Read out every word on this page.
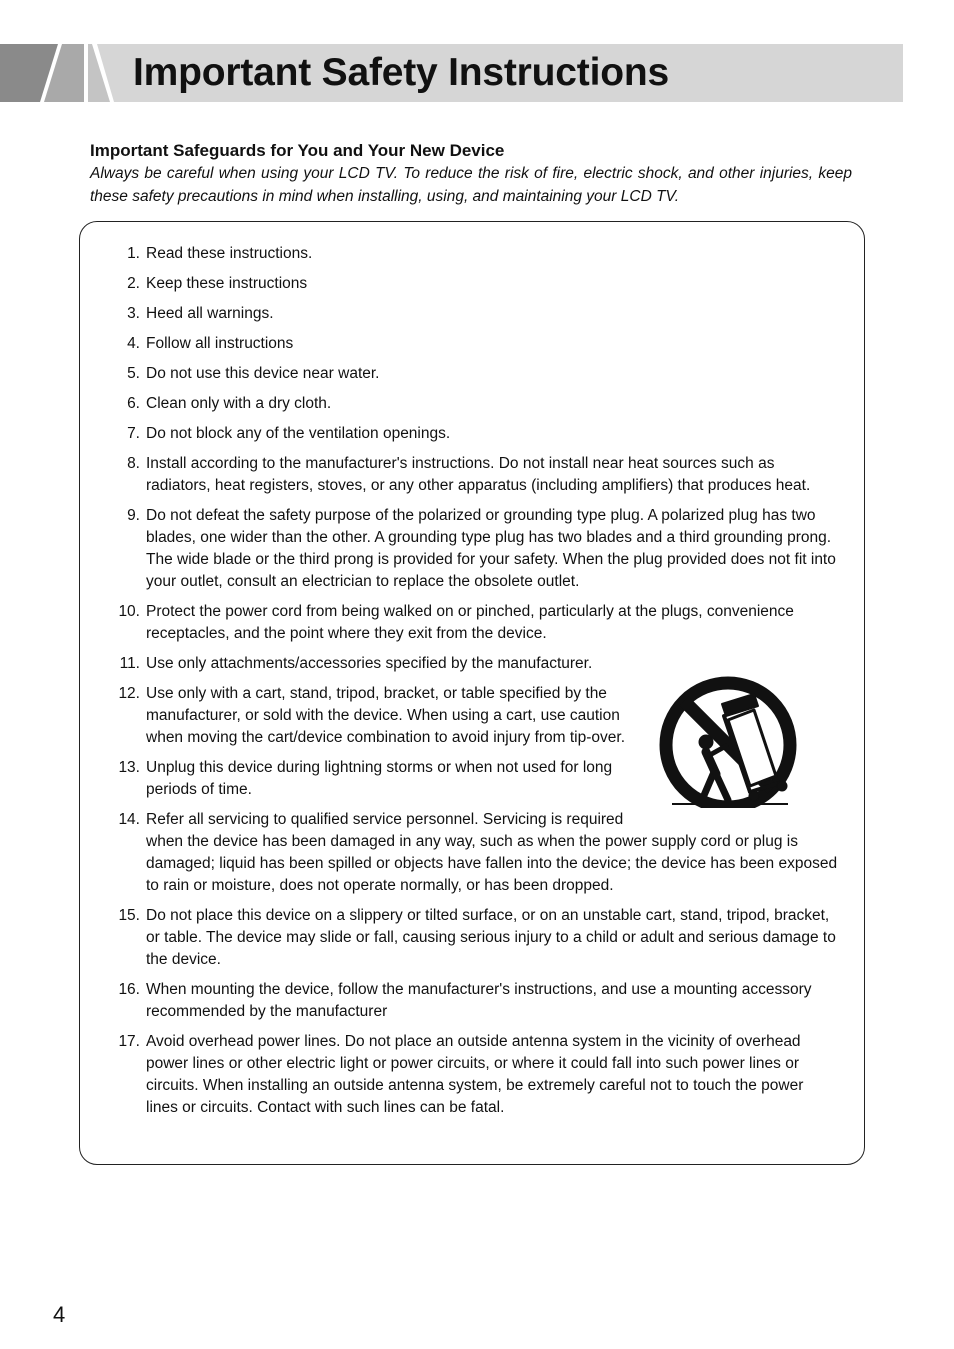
Important Safety Instructions
Important Safeguards for You and Your New Device

Always be careful when using your LCD TV. To reduce the risk of fire, electric shock, and other injuries, keep these safety precautions in mind when installing, using, and maintaining your LCD TV.

1. Read these instructions.
2. Keep these instructions
3. Heed all warnings.
4. Follow all instructions
5. Do not use this device near water.
6. Clean only with a dry cloth.
7. Do not block any of the ventilation openings.
8. Install according to the manufacturer's instructions. Do not install near heat sources such as radiators, heat registers, stoves, or any other apparatus (including amplifiers) that produces heat.
9. Do not defeat the safety purpose of the polarized or grounding type plug. A polarized plug has two blades, one wider than the other. A grounding type plug has two blades and a third grounding prong. The wide blade or the third prong is provided for your safety. When the plug provided does not fit into your outlet, consult an electrician to replace the obsolete outlet.
10. Protect the power cord from being walked on or pinched, particularly at the plugs, convenience receptacles, and the point where they exit from the device.
11. Use only attachments/accessories specified by the manufacturer.
12. Use only with a cart, stand, tripod, bracket, or table specified by the manufacturer, or sold with the device. When using a cart, use caution when moving the cart/device combination to avoid injury from tip-over.
13. Unplug this device during lightning storms or when not used for long periods of time.
14. Refer all servicing to qualified service personnel. Servicing is required
when the device has been damaged in any way, such as when the power supply cord or plug is damaged; liquid has been spilled or objects have fallen into the device; the device has been exposed to rain or moisture, does not operate normally, or has been dropped.
15. Do not place this device on a slippery or tilted surface, or on an unstable cart, stand, tripod, bracket, or table. The device may slide or fall, causing serious injury to a child or adult and serious damage to the device.
16. When mounting the device, follow the manufacturer's instructions, and use a mounting accessory recommended by the manufacturer
17. Avoid overhead power lines. Do not place an outside antenna system in the vicinity of overhead power lines or other electric light or power circuits, or where it could fall into such power lines or circuits. When installing an outside antenna system, be extremely careful not to touch the power lines or circuits. Contact with such lines can be fatal.
4
